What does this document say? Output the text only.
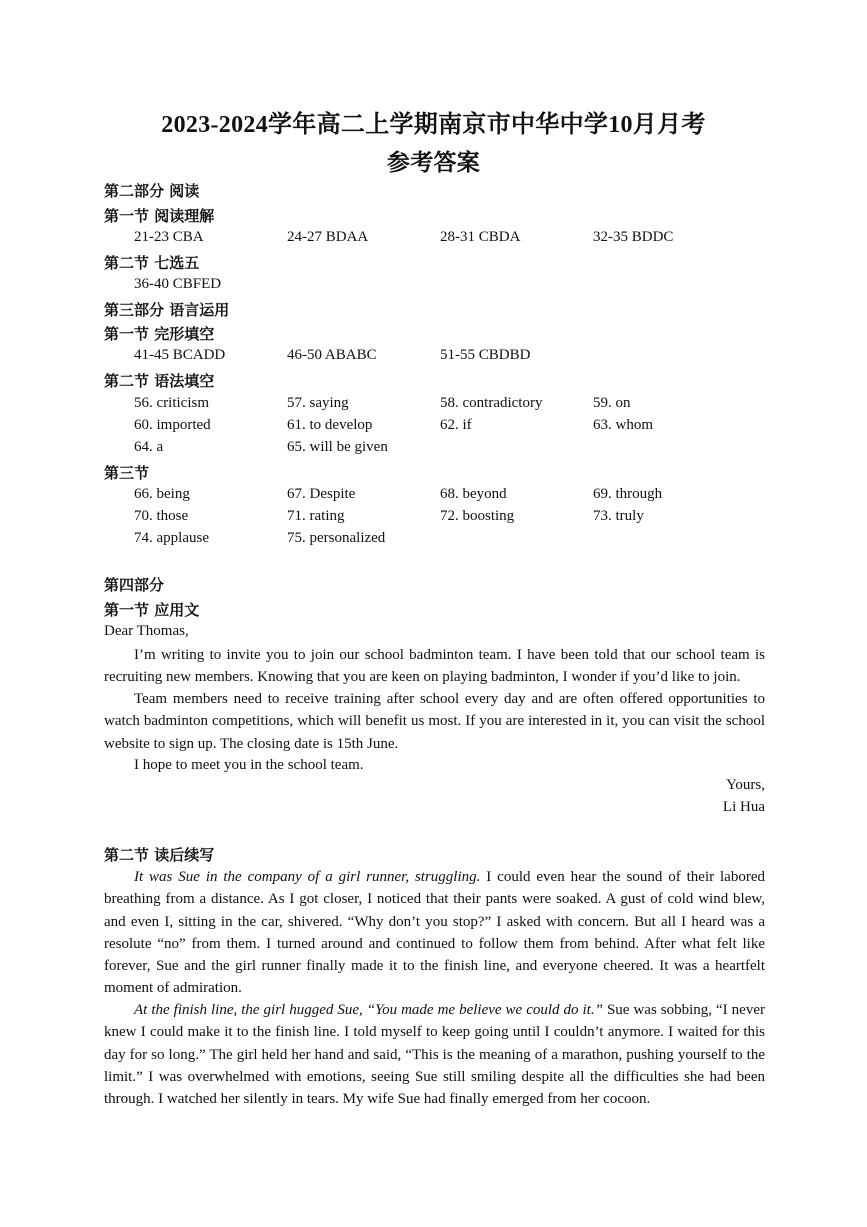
2023-2024学年高二上学期南京市中华中学10月月考
参考答案
第二部分 阅读
第一节 阅读理解
21-23 CBA	24-27 BDAA	28-31 CBDA	32-35 BDDC
第二节 七选五
36-40 CBFED
第三部分 语言运用
第一节 完形填空
41-45 BCADD	46-50 ABABC	51-55 CBDBD
第二节 语法填空
56. criticism	57. saying	58. contradictory	59. on
60. imported	61. to develop	62. if	63. whom
64. a	65. will be given
第三节
66. being	67. Despite	68. beyond	69. through
70. those	71. rating	72. boosting	73. truly
74. applause	75. personalized
第四部分
第一节 应用文
Dear Thomas,

I’m writing to invite you to join our school badminton team. I have been told that our school team is recruiting new members. Knowing that you are keen on playing badminton, I wonder if you’d like to join.

Team members need to receive training after school every day and are often offered opportunities to watch badminton competitions, which will benefit us most. If you are interested in it, you can visit the school website to sign up. The closing date is 15th June.

I hope to meet you in the school team.

Yours,
Li Hua
第二节 读后续写

It was Sue in the company of a girl runner, struggling. I could even hear the sound of their labored breathing from a distance. As I got closer, I noticed that their pants were soaked. A gust of cold wind blew, and even I, sitting in the car, shivered. “Why don’t you stop?” I asked with concern. But all I heard was a resolute “no” from them. I turned around and continued to follow them from behind. After what felt like forever, Sue and the girl runner finally made it to the finish line, and everyone cheered. It was a heartfelt moment of admiration.

At the finish line, the girl hugged Sue, “You made me believe we could do it.” Sue was sobbing, “I never knew I could make it to the finish line. I told myself to keep going until I couldn’t anymore. I waited for this day for so long.” The girl held her hand and said, “This is the meaning of a marathon, pushing yourself to the limit.” I was overwhelmed with emotions, seeing Sue still smiling despite all the difficulties she had been through. I watched her silently in tears. My wife Sue had finally emerged from her cocoon.
